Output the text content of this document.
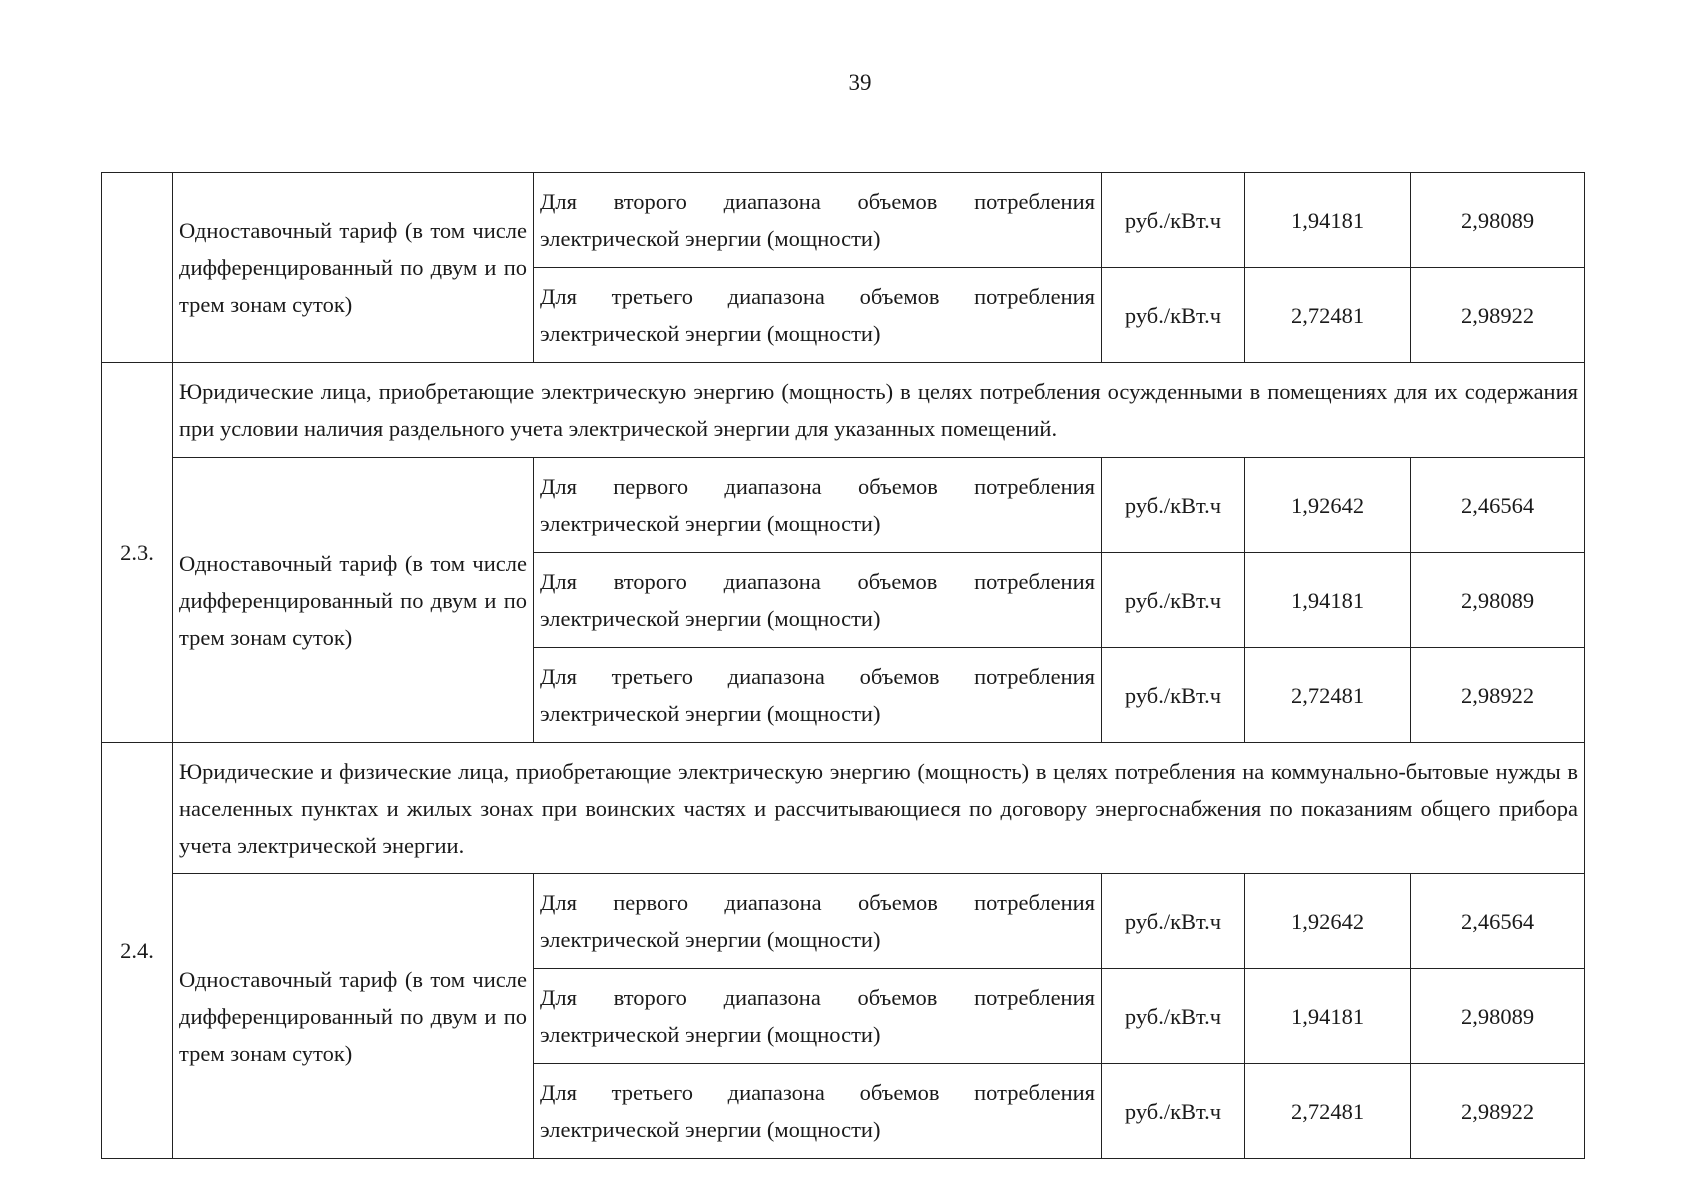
39
	Одноставочный тариф (в том числе дифференцированный по двум и по трем зонам суток)	Для второго диапазона объемов потребления электрической энергии (мощности)	руб./кВт.ч	1,94181	2,98089
		Для третьего диапазона объемов потребления электрической энергии (мощности)	руб./кВт.ч	2,72481	2,98922
2.3.	Юридические лица, приобретающие электрическую энергию (мощность) в целях потребления осужденными в помещениях для их содержания при условии наличия раздельного учета электрической энергии для указанных помещений.				
	Одноставочный тариф (в том числе дифференцированный по двум и по трем зонам суток)	Для первого диапазона объемов потребления электрической энергии (мощности)	руб./кВт.ч	1,92642	2,46564
		Для второго диапазона объемов потребления электрической энергии (мощности)	руб./кВт.ч	1,94181	2,98089
		Для третьего диапазона объемов потребления электрической энергии (мощности)	руб./кВт.ч	2,72481	2,98922
2.4.	Юридические и физические лица, приобретающие электрическую энергию (мощность) в целях потребления на коммунально-бытовые нужды в населенных пунктах и жилых зонах при воинских частях и рассчитывающиеся по договору энергоснабжения по показаниям общего прибора учета электрической энергии.				
	Одноставочный тариф (в том числе дифференцированный по двум и по трем зонам суток)	Для первого диапазона объемов потребления электрической энергии (мощности)	руб./кВт.ч	1,92642	2,46564
		Для второго диапазона объемов потребления электрической энергии (мощности)	руб./кВт.ч	1,94181	2,98089
		Для третьего диапазона объемов потребления электрической энергии (мощности)	руб./кВт.ч	2,72481	2,98922
